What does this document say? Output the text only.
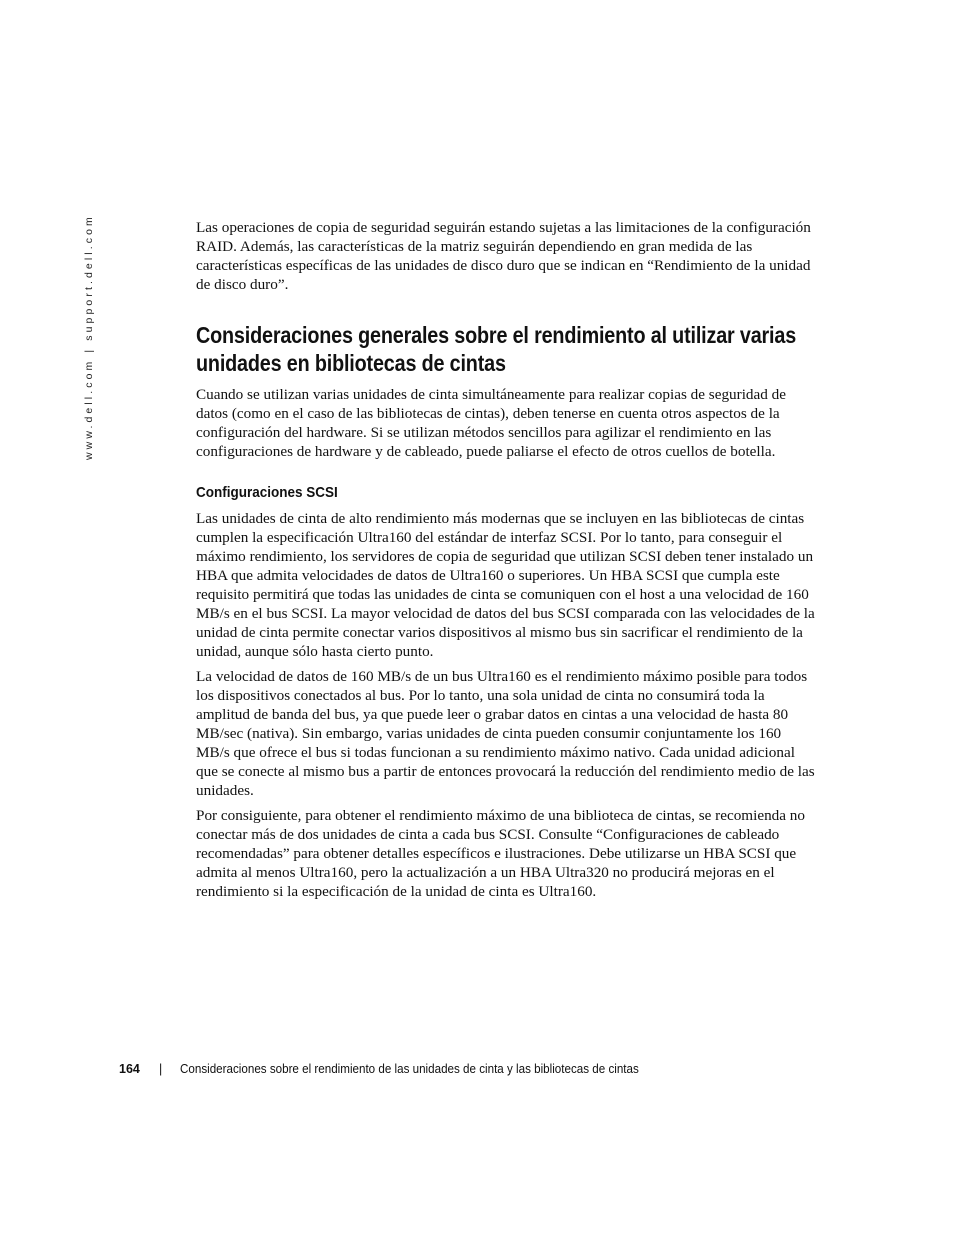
www.dell.com | support.dell.com	Las operaciones de copia de seguridad seguirán estando sujetas a las limitaciones de la configuración RAID. Además, las características de la matriz seguirán dependiendo en gran medida de las características específicas de las unidades de disco duro que se indican en “Rendimiento de la unidad de disco duro”.

Consideraciones generales sobre el rendimiento al utilizar varias unidades en bibliotecas de cintas

Cuando se utilizan varias unidades de cinta simultáneamente para realizar copias de seguridad de datos (como en el caso de las bibliotecas de cintas), deben tenerse en cuenta otros aspectos de la configuración del hardware. Si se utilizan métodos sencillos para agilizar el rendimiento en las configuraciones de hardware y de cableado, puede paliarse el efecto de otros cuellos de botella.

Configuraciones SCSI

Las unidades de cinta de alto rendimiento más modernas que se incluyen en las bibliotecas de cintas cumplen la especificación Ultra160 del estándar de interfaz SCSI. Por lo tanto, para conseguir el máximo rendimiento, los servidores de copia de seguridad que utilizan SCSI deben tener instalado un HBA que admita velocidades de datos de Ultra160 o superiores. Un HBA SCSI que cumpla este requisito permitirá que todas las unidades de cinta se comuniquen con el host a una velocidad de 160 MB/s en el bus SCSI. La mayor velocidad de datos del bus SCSI comparada con las velocidades de la unidad de cinta permite conectar varios dispositivos al mismo bus sin sacrificar el rendimiento de la unidad, aunque sólo hasta cierto punto.

La velocidad de datos de 160 MB/s de un bus Ultra160 es el rendimiento máximo posible para todos los dispositivos conectados al bus. Por lo tanto, una sola unidad de cinta no consumirá toda la amplitud de banda del bus, ya que puede leer o grabar datos en cintas a una velocidad de hasta 80 MB/sec (nativa). Sin embargo, varias unidades de cinta pueden consumir conjuntamente los 160 MB/s que ofrece el bus si todas funcionan a su rendimiento máximo nativo. Cada unidad adicional que se conecte al mismo bus a partir de entonces provocará la reducción del rendimiento medio de las unidades.

Por consiguiente, para obtener el rendimiento máximo de una biblioteca de cintas, se recomienda no conectar más de dos unidades de cinta a cada bus SCSI. Consulte “Configuraciones de cableado recomendadas” para obtener detalles específicos e ilustraciones. Debe utilizarse un HBA SCSI que admita al menos Ultra160, pero la actualización a un HBA Ultra320 no producirá mejoras en el rendimiento si la especificación de la unidad de cinta es Ultra160.

164 | Consideraciones sobre el rendimiento de las unidades de cinta y las bibliotecas de cintas
